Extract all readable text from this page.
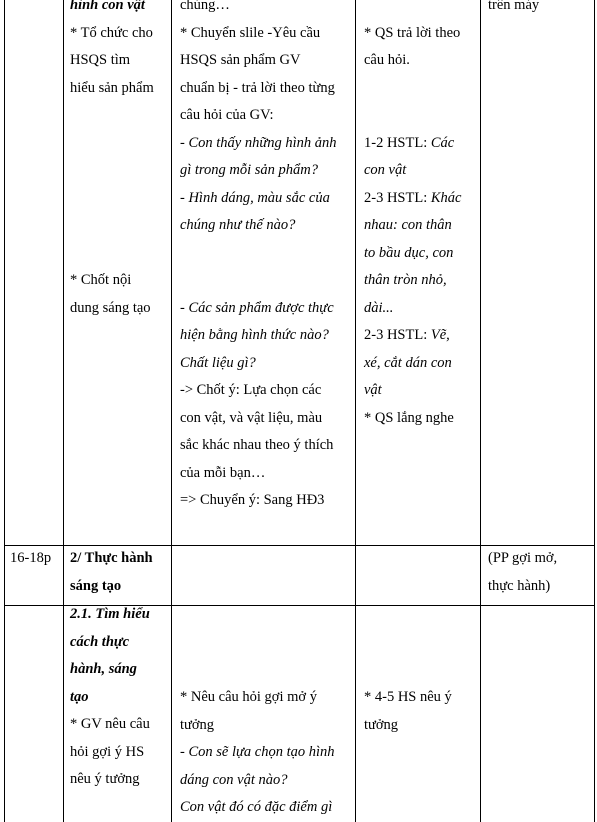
hình con vật
* Tổ chức cho
HSQS tìm
hiểu sản phẩm

* Chốt nội
dung sáng tạo
chúng…
* Chuyển slile -Yêu cầu
HSQS sản phẩm GV
chuẩn bị - trả lời theo từng
câu hỏi của GV:
- Con thấy những hình ảnh
gì trong mỗi sản phẩm?
- Hình dáng, màu sắc của
chúng như thế nào?

- Các sản phẩm được thực
hiện bằng hình thức nào?
Chất liệu gì?
-> Chốt ý: Lựa chọn các
con vật, và vật liệu, màu
sắc khác nhau theo ý thích
của mỗi bạn…
=> Chuyển ý: Sang HĐ3

* QS trả lời theo
câu hỏi.

1-2 HSTL: Các
con vật
2-3 HSTL: Khác
nhau: con thân
to bầu dục, con
thân tròn nhỏ,
dài...
2-3 HSTL: Vẽ,
xé, cắt dán con
vật
* QS lắng nghe
trên máy
16-18p	2/ Thực hành
sáng tạo
(PP gợi mở,
thực hành)
2.1. Tìm hiểu
cách thực
hành, sáng
tạo
* GV nêu câu
hỏi gợi ý HS
nêu ý tưởng
* Nêu câu hỏi gợi mở ý
tưởng
- Con sẽ lựa chọn tạo hình
dáng con vật nào?
Con vật đó có đặc điểm gì
* 4-5 HS nêu ý
tưởng
